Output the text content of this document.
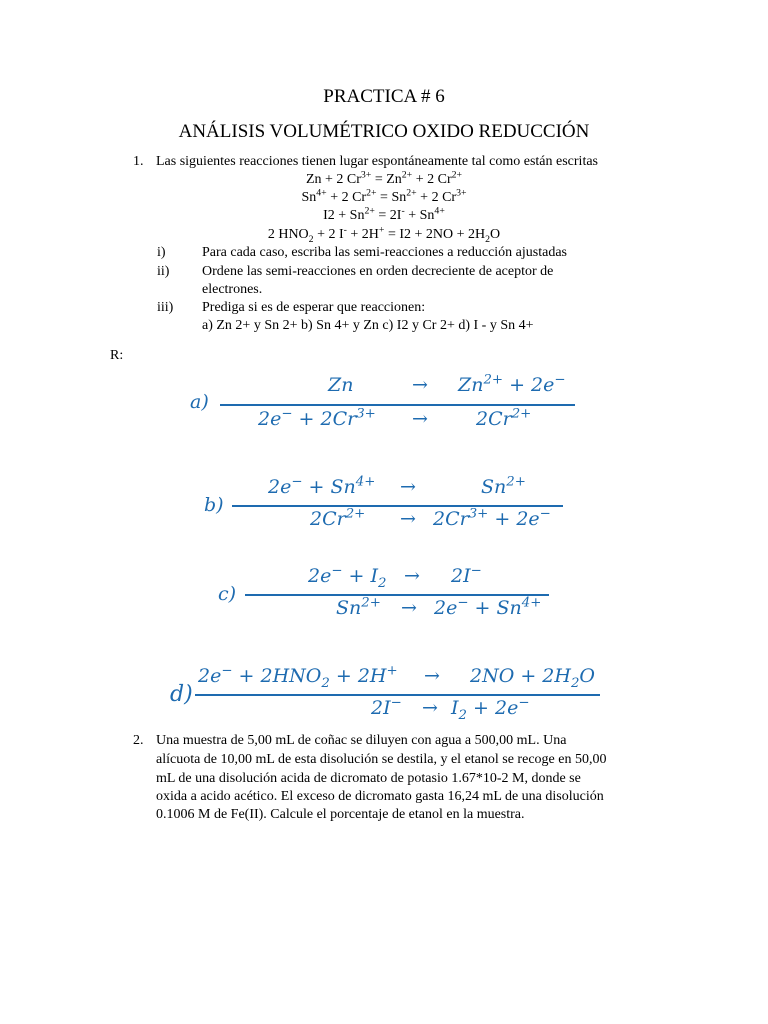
PRACTICA # 6
ANÁLISIS VOLUMÉTRICO OXIDO REDUCCIÓN
1. Las siguientes reacciones tienen lugar espontáneamente tal como están escritas
Zn + 2 $Cr^{3+} = Zn^{2+} + 2$ $Cr^{2+}$
$Sn^{4+} + 2$ $Cr^{2+} = Sn^{2+} + 2$ $Cr^{3+}$
$I2 + Sn^{2+} = 2I^- + Sn^{4+}$
2 $HNO_2 + 2$ $I^- + 2H^+ = I2 + 2NO + 2H_2O$
i)	Para cada caso, escriba las semi-reacciones a reducción ajustadas
ii) Ordene las semi-reacciones en orden decreciente de aceptor de
electrones.
iii) Prediga si es de esperar que reaccionen:
a) Zn 2+ y Sn 2+ b) Sn 4+ y Zn c) I2 y Cr 2+ d) I - y Sn 4+
R:
a)
Zn	→ $Zn^{2+} + 2e^-$
$2e^- + 2Cr^{3+}$ →	$2Cr^{2+}$
b)
$2e^- + Sn^{4+}$ →	$Sn^{2+}$
$2Cr^{2+} \to 2Cr^{3+} + 2e^-$
c)
$2e^- + I_2 \to 2I^-$
$Sn^{2+} \to 2e^- + Sn^{4+}$
d)
$2e^- + 2HNO_2 + 2H^+ \to 2NO + 2H_2O$
$2I^- \to I_2 + 2e^-$
2. Una muestra de 5,00 mL de coñac se diluyen con agua a 500,00 mL. Una
alícuota de 10,00 mL de esta disolución se destila, y el etanol se recoge en 50,00
mL de una disolución acida de dicromato de potasio 1.67*10-2 M, donde se
oxida a acido acético. El exceso de dicromato gasta 16,24 mL de una disolución
0.1006 M de Fe(II). Calcule el porcentaje de etanol en la muestra.
